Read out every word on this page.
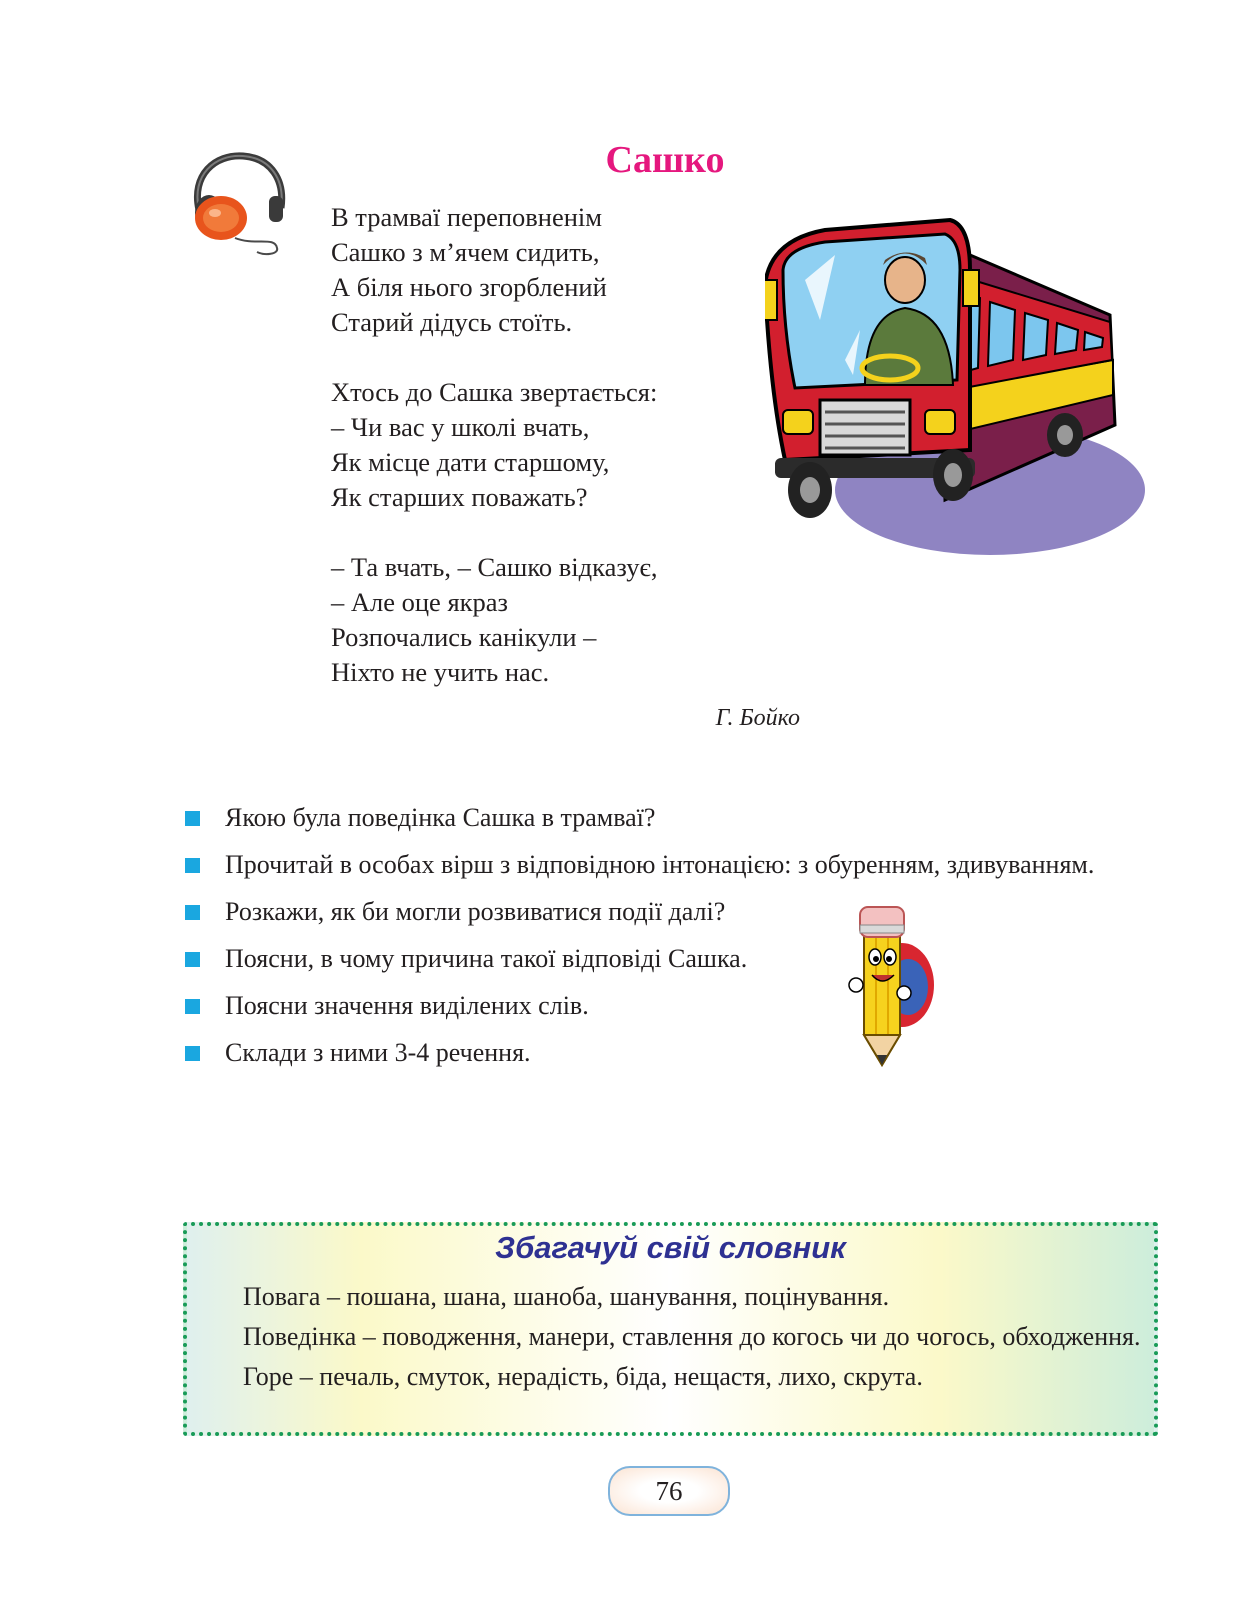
Сашко
В трамваї переповненім
Сашко з м’ячем сидить,
А біля нього згорблений
Старий дідусь стоїть.
Хтось до Сашка звертається:
– Чи вас у школі вчать,
Як місце дати старшому,
Як старших поважать?
– Та вчать, – Сашко відказує,
– Але оце якраз
Розпочались канікули –
Ніхто не учить нас.
Г. Бойко
Якою була поведінка Сашка в трамваї?
Прочитай в особах вірш з відповідною інтонацією: з обуренням, здивуванням.
Розкажи, як би могли розвиватися події далі?
Поясни, в чому причина такої відповіді Сашка.
Поясни значення виділених слів.
Склади з ними 3-4 речення.
Збагачуй свій словник
Повага – пошана, шана, шаноба, шанування, поцінування.
Поведінка – поводження, манери, ставлення до когось чи до чогось, обходження.
Горе – печаль, смуток, нерадість, біда, нещастя, лихо, скрута.
76
